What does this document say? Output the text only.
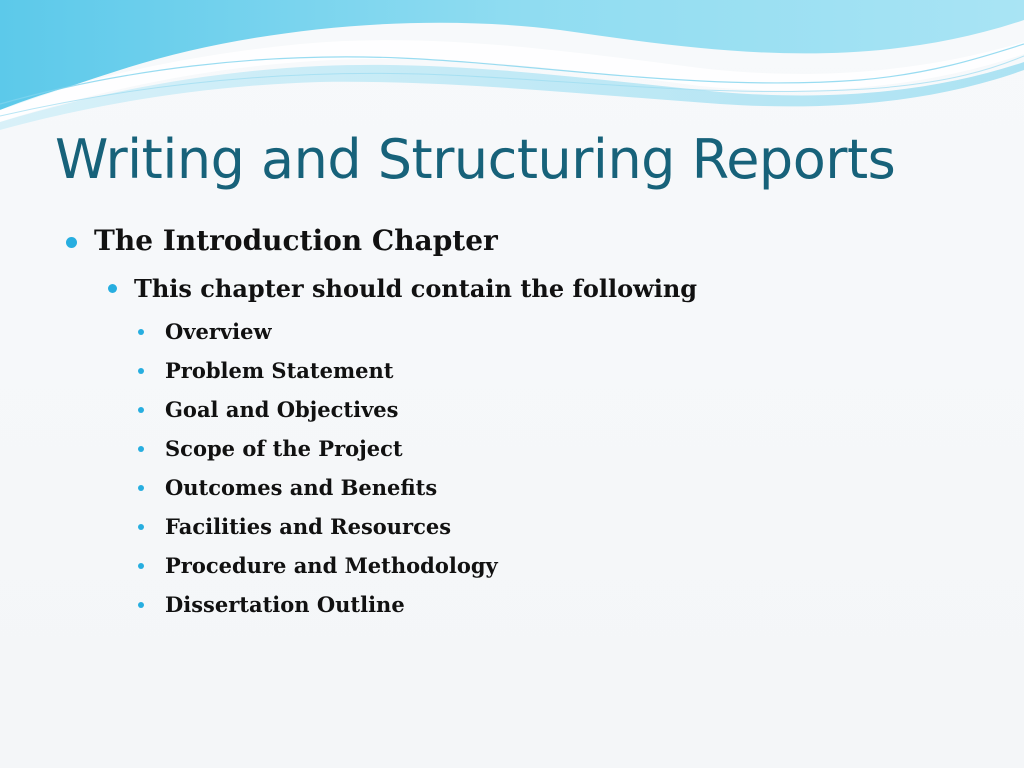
Writing and Structuring Reports
The Introduction Chapter
This chapter should contain the following
Overview
Problem Statement
Goal and Objectives
Scope of the Project
Outcomes and Benefits
Facilities and Resources
Procedure and Methodology
Dissertation Outline
